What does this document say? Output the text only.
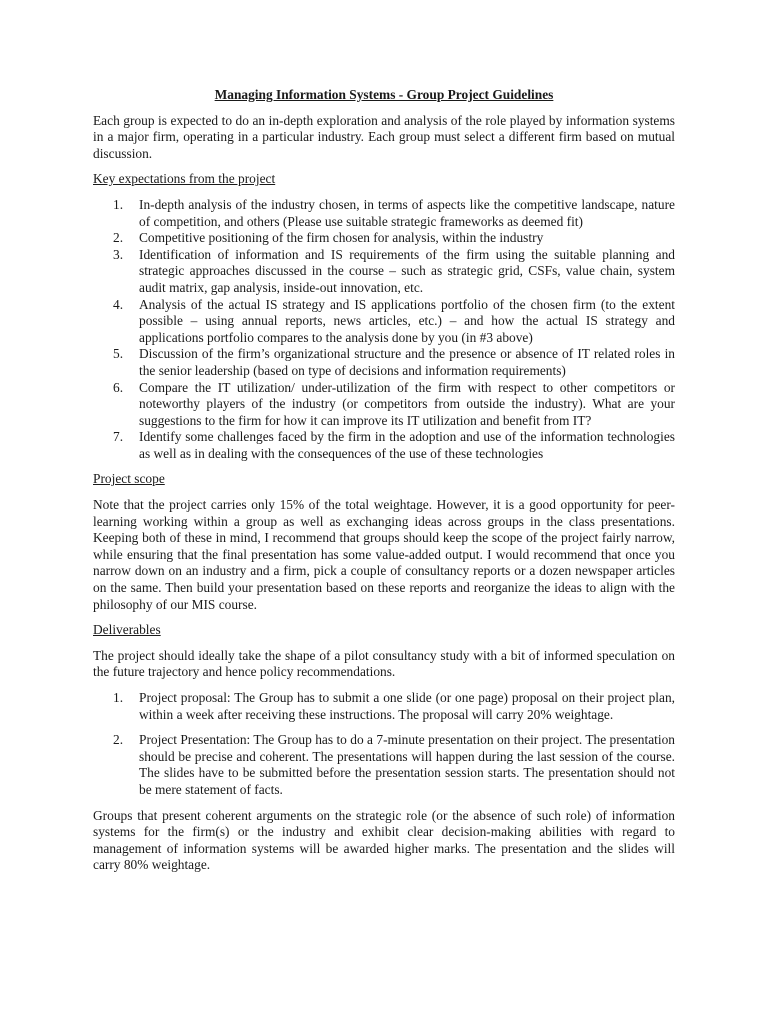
Managing Information Systems - Group Project Guidelines

Each group is expected to do an in-depth exploration and analysis of the role played by information systems in a major firm, operating in a particular industry. Each group must select a different firm based on mutual discussion.

Key expectations from the project

1. In-depth analysis of the industry chosen, in terms of aspects like the competitive landscape, nature of competition, and others (Please use suitable strategic frameworks as deemed fit)
2. Competitive positioning of the firm chosen for analysis, within the industry
3. Identification of information and IS requirements of the firm using the suitable planning and strategic approaches discussed in the course – such as strategic grid, CSFs, value chain, system audit matrix, gap analysis, inside-out innovation, etc.
4. Analysis of the actual IS strategy and IS applications portfolio of the chosen firm (to the extent possible – using annual reports, news articles, etc.) – and how the actual IS strategy and applications portfolio compares to the analysis done by you (in #3 above)
5. Discussion of the firm’s organizational structure and the presence or absence of IT related roles in the senior leadership (based on type of decisions and information requirements)
6. Compare the IT utilization/ under-utilization of the firm with respect to other competitors or noteworthy players of the industry (or competitors from outside the industry). What are your suggestions to the firm for how it can improve its IT utilization and benefit from IT?
7. Identify some challenges faced by the firm in the adoption and use of the information technologies as well as in dealing with the consequences of the use of these technologies

Project scope

Note that the project carries only 15% of the total weightage. However, it is a good opportunity for peer-learning working within a group as well as exchanging ideas across groups in the class presentations. Keeping both of these in mind, I recommend that groups should keep the scope of the project fairly narrow, while ensuring that the final presentation has some value-added output. I would recommend that once you narrow down on an industry and a firm, pick a couple of consultancy reports or a dozen newspaper articles on the same. Then build your presentation based on these reports and reorganize the ideas to align with the philosophy of our MIS course.

Deliverables

The project should ideally take the shape of a pilot consultancy study with a bit of informed speculation on the future trajectory and hence policy recommendations.

1. Project proposal: The Group has to submit a one slide (or one page) proposal on their project plan, within a week after receiving these instructions. The proposal will carry 20% weightage.
2. Project Presentation: The Group has to do a 7-minute presentation on their project. The presentation should be precise and coherent. The presentations will happen during the last session of the course. The slides have to be submitted before the presentation session starts. The presentation should not be mere statement of facts.

Groups that present coherent arguments on the strategic role (or the absence of such role) of information systems for the firm(s) or the industry and exhibit clear decision-making abilities with regard to management of information systems will be awarded higher marks. The presentation and the slides will carry 80% weightage.
